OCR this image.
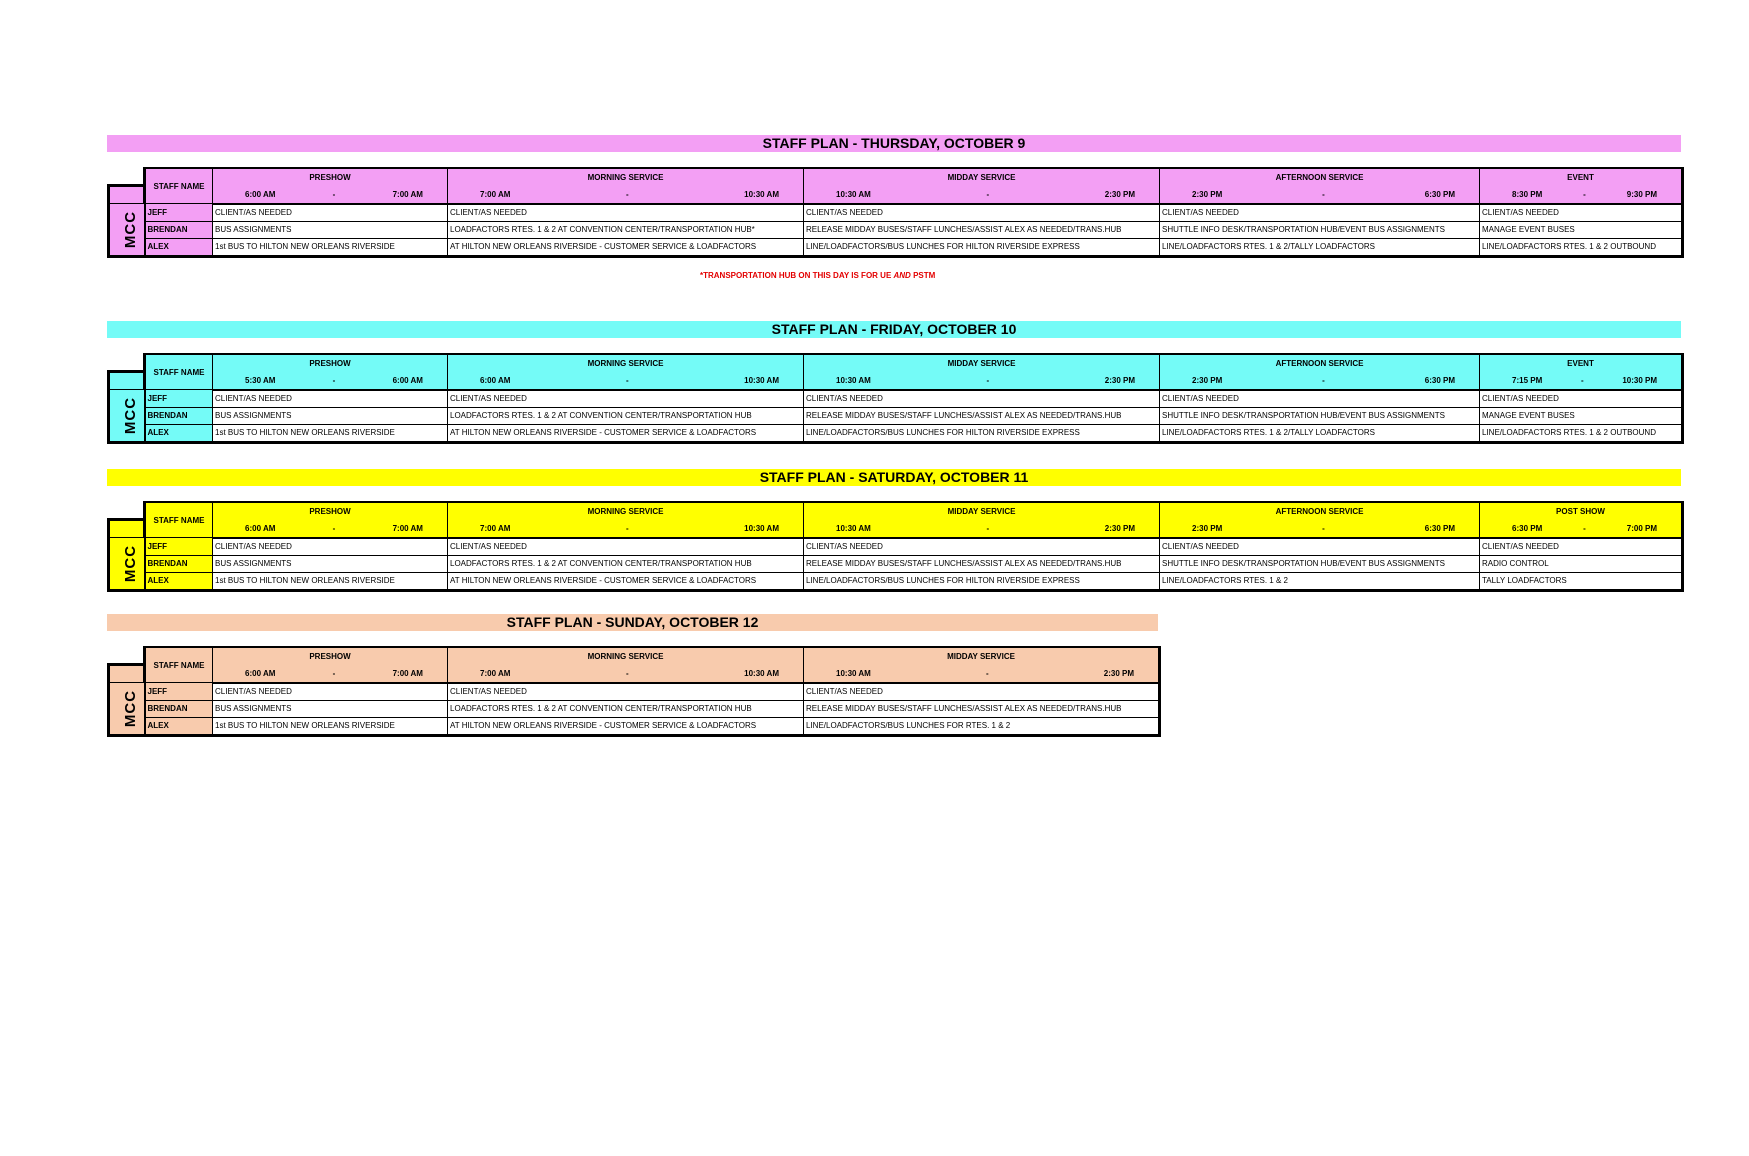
STAFF PLAN - THURSDAY, OCTOBER 9
	STAFF NAME	PRESHOW	MORNING SERVICE	MIDDAY SERVICE	AFTERNOON SERVICE	EVENT

		6:00 AM - 7:00 AM	7:00 AM - 10:30 AM	10:30 AM - 2:30 PM	2:30 PM - 6:30 PM	8:30 PM - 9:30 PM

MCC	JEFF	CLIENT/AS NEEDED	CLIENT/AS NEEDED	CLIENT/AS NEEDED	CLIENT/AS NEEDED	CLIENT/AS NEEDED
	BRENDAN	BUS ASSIGNMENTS	LOADFACTORS RTES. 1 & 2 AT CONVENTION CENTER/TRANSPORTATION HUB*	RELEASE MIDDAY BUSES/STAFF LUNCHES/ASSIST ALEX AS NEEDED/TRANS.HUB	SHUTTLE INFO DESK/TRANSPORTATION HUB/EVENT BUS ASSIGNMENTS	MANAGE EVENT BUSES
	ALEX	1st BUS TO HILTON NEW ORLEANS RIVERSIDE	AT HILTON NEW ORLEANS RIVERSIDE - CUSTOMER SERVICE & LOADFACTORS	LINE/LOADFACTORS/BUS LUNCHES FOR HILTON RIVERSIDE EXPRESS	LINE/LOADFACTORS RTES. 1 & 2/TALLY LOADFACTORS	LINE/LOADFACTORS RTES. 1 & 2 OUTBOUND
STAFF PLAN - FRIDAY, OCTOBER 10
	STAFF NAME	PRESHOW	MORNING SERVICE	MIDDAY SERVICE	AFTERNOON SERVICE	EVENT

		5:30 AM - 6:00 AM	6:00 AM - 10:30 AM	10:30 AM - 2:30 PM	2:30 PM - 6:30 PM	7:15 PM - 10:30 PM

MCC	JEFF	CLIENT/AS NEEDED	CLIENT/AS NEEDED	CLIENT/AS NEEDED	CLIENT/AS NEEDED	CLIENT/AS NEEDED
	BRENDAN	BUS ASSIGNMENTS	LOADFACTORS RTES. 1 & 2 AT CONVENTION CENTER/TRANSPORTATION HUB	RELEASE MIDDAY BUSES/STAFF LUNCHES/ASSIST ALEX AS NEEDED/TRANS.HUB	SHUTTLE INFO DESK/TRANSPORTATION HUB/EVENT BUS ASSIGNMENTS	MANAGE EVENT BUSES
	ALEX	1st BUS TO HILTON NEW ORLEANS RIVERSIDE	AT HILTON NEW ORLEANS RIVERSIDE - CUSTOMER SERVICE & LOADFACTORS	LINE/LOADFACTORS/BUS LUNCHES FOR HILTON RIVERSIDE EXPRESS	LINE/LOADFACTORS RTES. 1 & 2/TALLY LOADFACTORS	LINE/LOADFACTORS RTES. 1 & 2 OUTBOUND
STAFF PLAN - SATURDAY, OCTOBER 11
	STAFF NAME	PRESHOW	MORNING SERVICE	MIDDAY SERVICE	AFTERNOON SERVICE	POST SHOW

		6:00 AM - 7:00 AM	7:00 AM - 10:30 AM	10:30 AM - 2:30 PM	2:30 PM - 6:30 PM	6:30 PM - 7:00 PM

MCC	JEFF	CLIENT/AS NEEDED	CLIENT/AS NEEDED	CLIENT/AS NEEDED	CLIENT/AS NEEDED	CLIENT/AS NEEDED
	BRENDAN	BUS ASSIGNMENTS	LOADFACTORS RTES. 1 & 2 AT CONVENTION CENTER/TRANSPORTATION HUB	RELEASE MIDDAY BUSES/STAFF LUNCHES/ASSIST ALEX AS NEEDED/TRANS.HUB	SHUTTLE INFO DESK/TRANSPORTATION HUB/EVENT BUS ASSIGNMENTS	RADIO CONTROL
	ALEX	1st BUS TO HILTON NEW ORLEANS RIVERSIDE	AT HILTON NEW ORLEANS RIVERSIDE - CUSTOMER SERVICE & LOADFACTORS	LINE/LOADFACTORS/BUS LUNCHES FOR HILTON RIVERSIDE EXPRESS	LINE/LOADFACTORS RTES. 1 & 2	TALLY LOADFACTORS
STAFF PLAN - SUNDAY, OCTOBER 12
	STAFF NAME	PRESHOW	MORNING SERVICE	MIDDAY SERVICE

		6:00 AM - 7:00 AM	7:00 AM - 10:30 AM	10:30 AM - 2:30 PM

MCC	JEFF	CLIENT/AS NEEDED	CLIENT/AS NEEDED	CLIENT/AS NEEDED
	BRENDAN	BUS ASSIGNMENTS	LOADFACTORS RTES. 1 & 2 AT CONVENTION CENTER/TRANSPORTATION HUB	RELEASE MIDDAY BUSES/STAFF LUNCHES/ASSIST ALEX AS NEEDED/TRANS.HUB
	ALEX	1st BUS TO HILTON NEW ORLEANS RIVERSIDE	AT HILTON NEW ORLEANS RIVERSIDE - CUSTOMER SERVICE & LOADFACTORS	LINE/LOADFACTORS/BUS LUNCHES FOR RTES. 1 & 2
*TRANSPORTATION HUB ON THIS DAY IS FOR UE AND PSTM
